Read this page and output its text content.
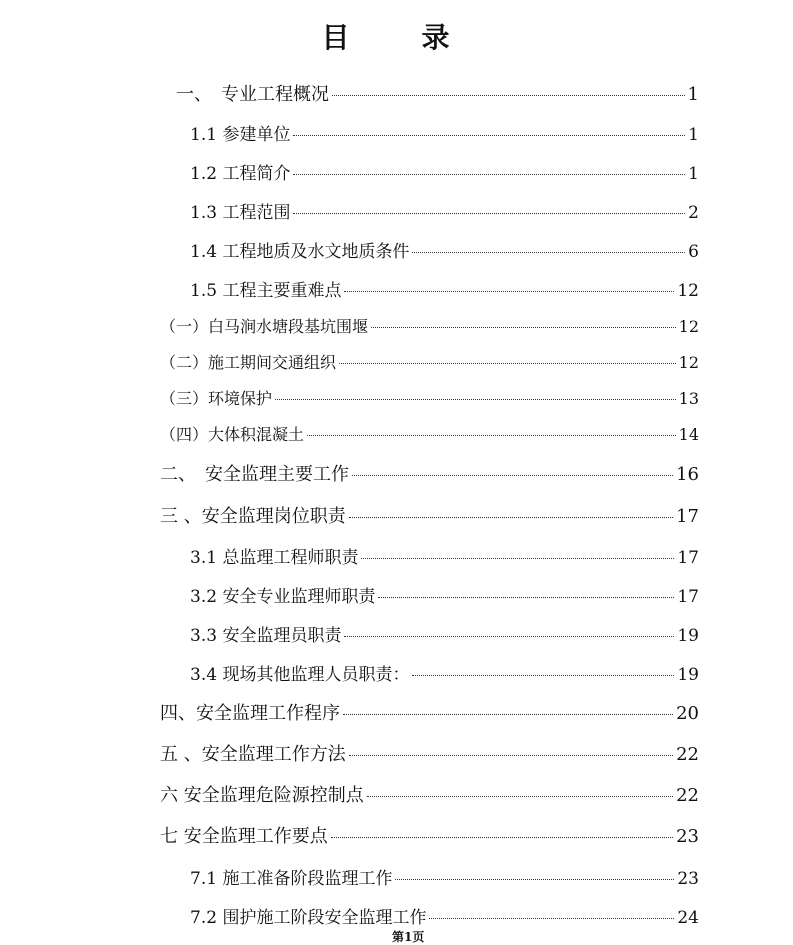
目　录
一、　专业工程概况	1
1.1 参建单位	1
1.2 工程简介	1
1.3 工程范围	2
1.4 工程地质及水文地质条件	6
1.5 工程主要重难点	12
（一）白马涧水塘段基坑围堰	12
（二）施工期间交通组织	12
（三）环境保护	13
（四）大体积混凝土	14
二、　安全监理主要工作	16
三 、安全监理岗位职责	17
3.1 总监理工程师职责	17
3.2 安全专业监理师职责	17
3.3 安全监理员职责	19
3.4 现场其他监理人员职责：	19
四、安全监理工作程序	20
五 、安全监理工作方法	22
六 安全监理危险源控制点	22
七 安全监理工作要点	23
7.1 施工准备阶段监理工作	23
7.2 围护施工阶段安全监理工作	24
第1页
